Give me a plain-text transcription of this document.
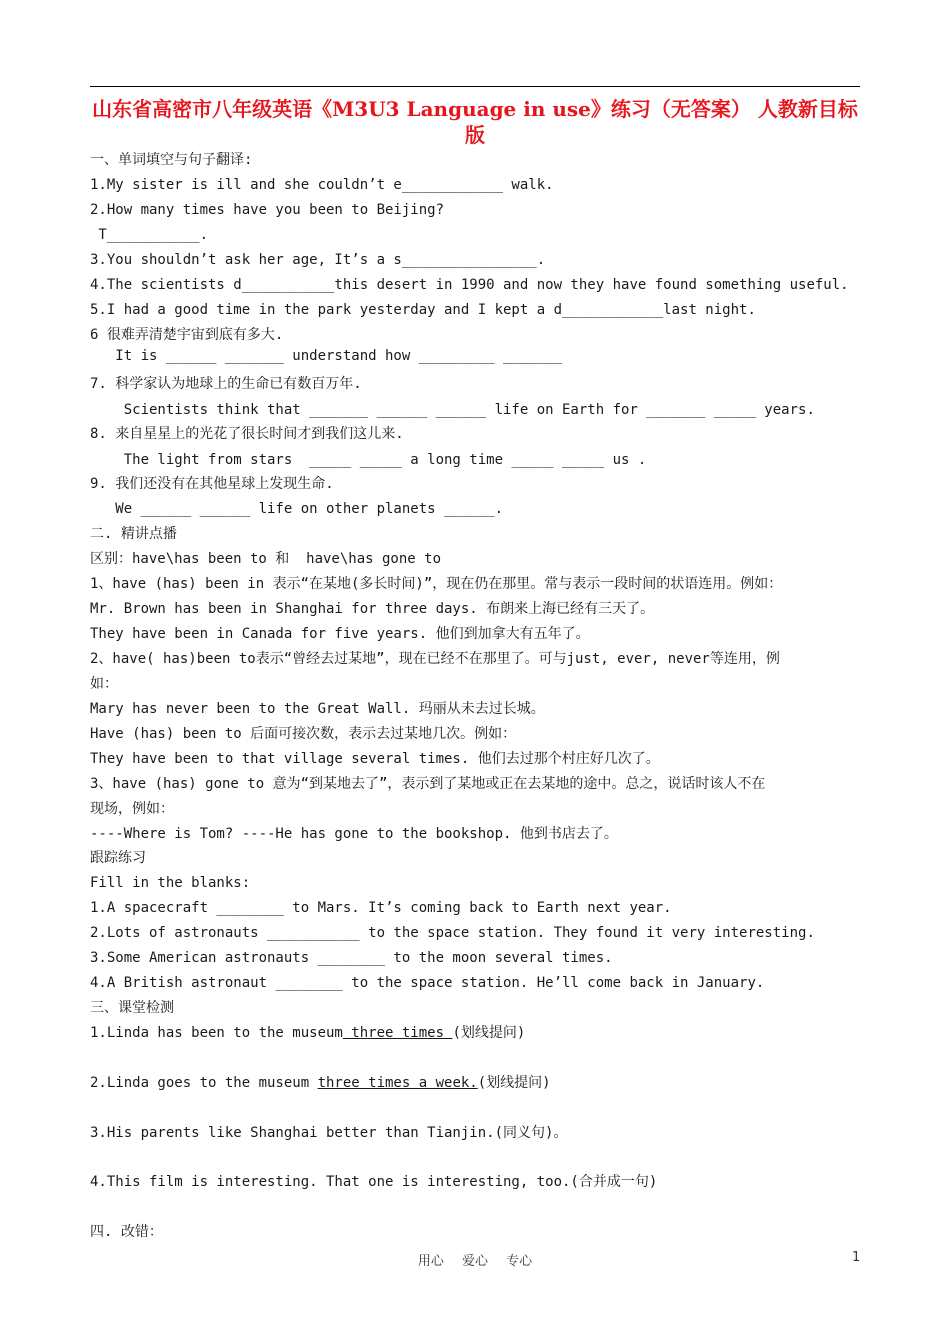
山东省高密市八年级英语《M3U3 Language in use》练习（无答案） 人教新目标版
一、单词填空与句子翻译:
1.My sister is ill and she couldn’t e____________ walk.
2.How many times have you been to Beijing?
T___________.
3.You shouldn’t ask her age, It’s a s________________.
4.The scientists d___________this desert in 1990 and now they have found something useful.
5.I had a good time in the park yesterday and I kept a d____________last night.
6 很难弄清楚宇宙到底有多大.
It is ______ _______ understand how _________ _______
7. 科学家认为地球上的生命已有数百万年.
Scientists think that _______ ______ ______ life on Earth for _______ _____ years.
8. 来自星星上的光花了很长时间才到我们这儿来.
The light from stars  _____ _____ a long time _____ _____ us .
9. 我们还没有在其他星球上发现生命.
We ______ ______ life on other planets ______.
二. 精讲点播
区别：have\has been to 和  have\has gone to
1、have (has) been in 表示“在某地(多长时间)”，现在仍在那里。常与表示一段时间的状语连用。例如：
Mr. Brown has been in Shanghai for three days. 布朗来上海已经有三天了。
They have been in Canada for five years. 他们到加拿大有五年了。
2、have( has)been to表示“曾经去过某地”，现在已经不在那里了。可与just, ever, never等连用，例
如：
Mary has never been to the Great Wall. 玛丽从未去过长城。
Have (has) been to 后面可接次数，表示去过某地几次。例如：
They have been to that village several times. 他们去过那个村庄好几次了。
3、have (has) gone to 意为“到某地去了”，表示到了某地或正在去某地的途中。总之，说话时该人不在
现场，例如：
----Where is Tom? ----He has gone to the bookshop. 他到书店去了。
跟踪练习
Fill in the blanks:
1.A spacecraft ________ to Mars. It’s coming back to Earth next year.
2.Lots of astronauts ___________ to the space station. They found it very interesting.
3.Some American astronauts ________ to the moon several times.
4.A British astronaut ________ to the space station. He’ll come back in January.
三、课堂检测
1.Linda has been to the museum three times (划线提问)
2.Linda goes to the museum three times a week.(划线提问)
3.His parents like Shanghai better than Tianjin.(同义句)。
4.This film is interesting. That one is interesting, too.(合并成一句)
四. 改错：
用心 爱心 专心	1
